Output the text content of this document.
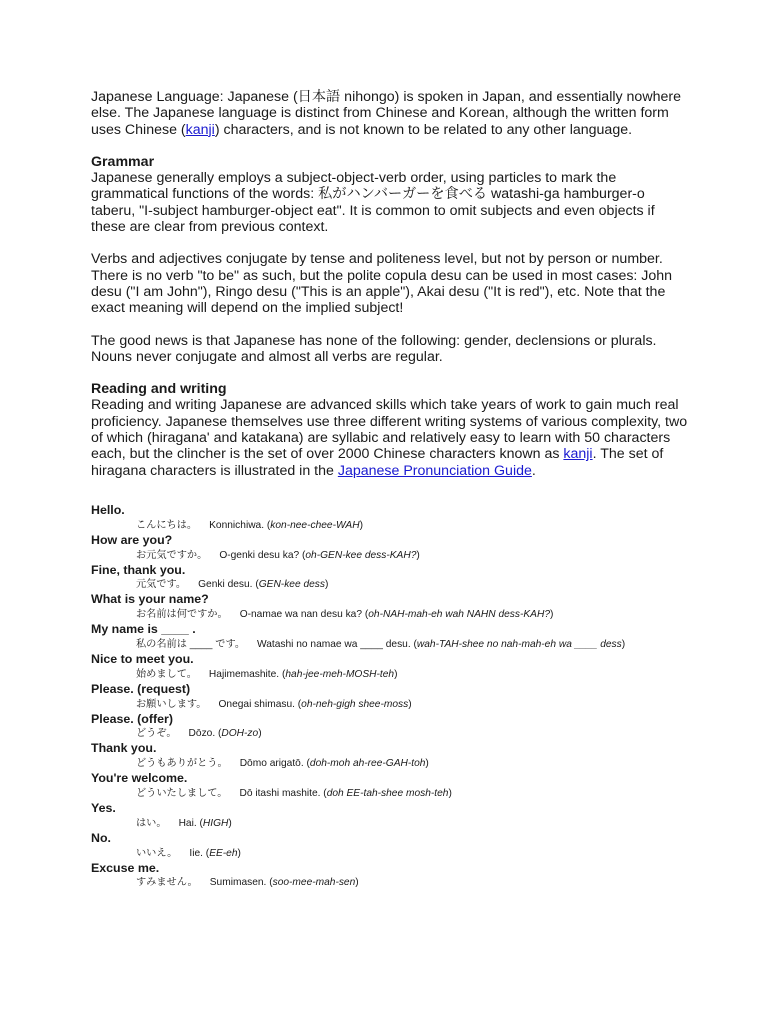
Japanese Language: Japanese (日本語 nihongo) is spoken in Japan, and essentially nowhere else. The Japanese language is distinct from Chinese and Korean, although the written form uses Chinese (kanji) characters, and is not known to be related to any other language.

Grammar

Japanese generally employs a subject-object-verb order, using particles to mark the grammatical functions of the words: 私がハンバーガーを食べる watashi-ga hamburger-o taberu, "I-subject hamburger-object eat". It is common to omit subjects and even objects if these are clear from previous context.

Verbs and adjectives conjugate by tense and politeness level, but not by person or number. There is no verb "to be" as such, but the polite copula desu can be used in most cases: John desu ("I am John"), Ringo desu ("This is an apple"), Akai desu ("It is red"), etc. Note that the exact meaning will depend on the implied subject!

The good news is that Japanese has none of the following: gender, declensions or plurals. Nouns never conjugate and almost all verbs are regular.

Reading and writing

Reading and writing Japanese are advanced skills which take years of work to gain much real proficiency. Japanese themselves use three different writing systems of various complexity, two of which (hiragana' and katakana) are syllabic and relatively easy to learn with 50 characters each, but the clincher is the set of over 2000 Chinese characters known as kanji. The set of hiragana characters is illustrated in the Japanese Pronunciation Guide.

Hello.

こんにちは。 Konnichiwa. (kon-nee-chee-WAH)

How are you?

お元気ですか。 O-genki desu ka? (oh-GEN-kee dess-KAH?)

Fine, thank you.

元気です。 Genki desu. (GEN-kee dess)

What is your name?

お名前は何ですか。 O-namae wa nan desu ka? (oh-NAH-mah-eh wah NAHN dess-KAH?)

My name is ____ .

私の名前は ____ です。 Watashi no namae wa ____ desu. (wah-TAH-shee no nah-mah-eh wa ____ dess)

Nice to meet you.

始めまして。 Hajimemashite. (hah-jee-meh-MOSH-teh)

Please. (request)

お願いします。 Onegai shimasu. (oh-neh-gigh shee-moss)

Please. (offer)

どうぞ。 Dōzo. (DOH-zo)

Thank you.

どうもありがとう。 Dōmo arigatō. (doh-moh ah-ree-GAH-toh)

You're welcome.

どういたしまして。 Dō itashi mashite. (doh EE-tah-shee mosh-teh)

Yes.

はい。 Hai. (HIGH)

No.

いいえ。 Iie. (EE-eh)

Excuse me.

すみません。 Sumimasen. (soo-mee-mah-sen)
